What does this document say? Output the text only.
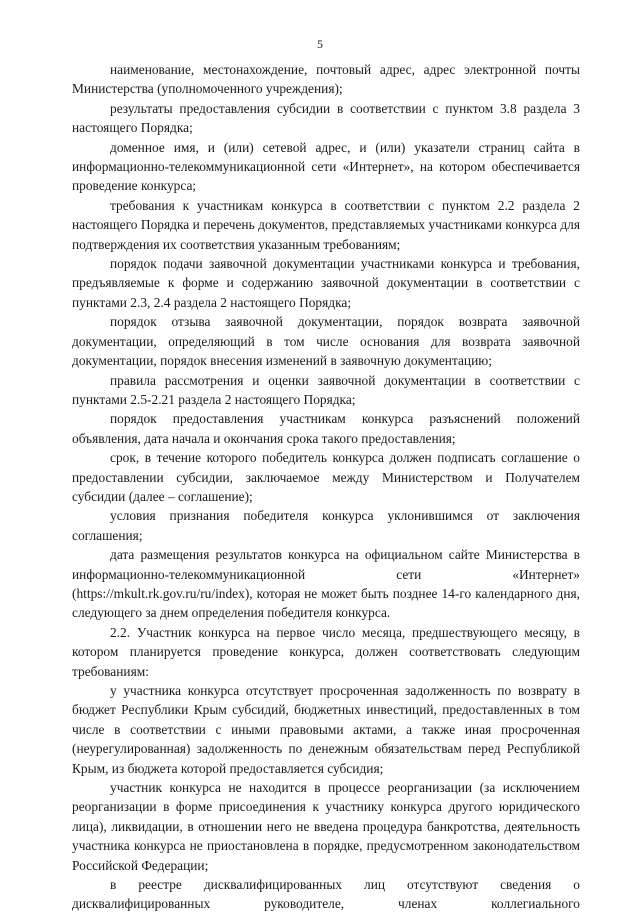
5

наименование, местонахождение, почтовый адрес, адрес электронной почты Министерства (уполномоченного учреждения);

результаты предоставления субсидии в соответствии с пунктом 3.8 раздела 3 настоящего Порядка;

доменное имя, и (или) сетевой адрес, и (или) указатели страниц сайта в информационно-телекоммуникационной сети «Интернет», на котором обеспечивается проведение конкурса;

требования к участникам конкурса в соответствии с пунктом 2.2 раздела 2 настоящего Порядка и перечень документов, представляемых участниками конкурса для подтверждения их соответствия указанным требованиям;

порядок подачи заявочной документации участниками конкурса и требования, предъявляемые к форме и содержанию заявочной документации в соответствии с пунктами 2.3, 2.4 раздела 2 настоящего Порядка;

порядок отзыва заявочной документации, порядок возврата заявочной документации, определяющий в том числе основания для возврата заявочной документации, порядок внесения изменений в заявочную документацию;

правила рассмотрения и оценки заявочной документации в соответствии с пунктами 2.5-2.21 раздела 2 настоящего Порядка;

порядок предоставления участникам конкурса разъяснений положений объявления, дата начала и окончания срока такого предоставления;

срок, в течение которого победитель конкурса должен подписать соглашение о предоставлении субсидии, заключаемое между Министерством и Получателем субсидии (далее – соглашение);

условия признания победителя конкурса уклонившимся от заключения соглашения;

дата размещения результатов конкурса на официальном сайте Министерства в информационно-телекоммуникационной сети «Интернет» (https://mkult.rk.gov.ru/ru/index), которая не может быть позднее 14-го календарного дня, следующего за днем определения победителя конкурса.

2.2. Участник конкурса на первое число месяца, предшествующего месяцу, в котором планируется проведение конкурса, должен соответствовать следующим требованиям:

у участника конкурса отсутствует просроченная задолженность по возврату в бюджет Республики Крым субсидий, бюджетных инвестиций, предоставленных в том числе в соответствии с иными правовыми актами, а также иная просроченная (неурегулированная) задолженность по денежным обязательствам перед Республикой Крым, из бюджета которой предоставляется субсидия;

участник конкурса не находится в процессе реорганизации (за исключением реорганизации в форме присоединения к участнику конкурса другого юридического лица), ликвидации, в отношении него не введена процедура банкротства, деятельность участника конкурса не приостановлена в порядке, предусмотренном законодательством Российской Федерации;

в реестре дисквалифицированных лиц отсутствуют сведения о дисквалифицированных руководителе, членах коллегиального
